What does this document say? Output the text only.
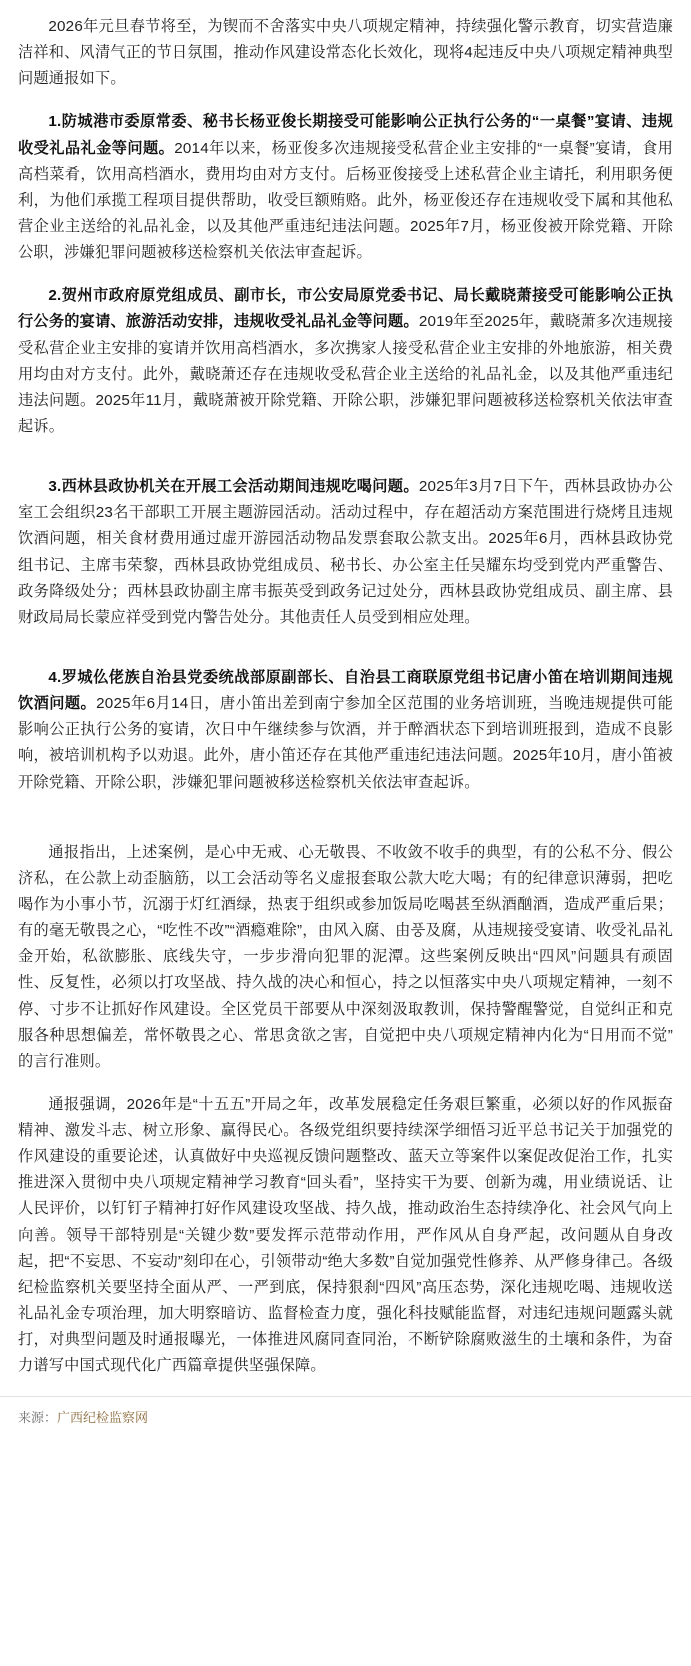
2026年元旦春节将至，为锲而不舍落实中央八项规定精神，持续强化警示教育，切实营造廉洁祥和、风清气正的节日氛围，推动作风建设常态化长效化，现将4起违反中央八项规定精神典型问题通报如下。

1.防城港市委原常委、秘书长杨亚俊长期接受可能影响公正执行公务的“一桌餐”宴请、违规收受礼品礼金等问题。2014年以来，杨亚俊多次违规接受私营企业主安排的“一桌餐”宴请，食用高档菜肴，饮用高档酒水，费用均由对方支付。后杨亚俊接受上述私营企业主请托，利用职务便利，为他们承揽工程项目提供帮助，收受巨额贿赂。此外，杨亚俊还存在违规收受下属和其他私营企业主送给的礼品礼金，以及其他严重违纪违法问题。2025年7月，杨亚俊被开除党籍、开除公职，涉嫌犯罪问题被移送检察机关依法审查起诉。

2.贺州市政府原党组成员、副市长，市公安局原党委书记、局长戴晓萧接受可能影响公正执行公务的宴请、旅游活动安排，违规收受礼品礼金等问题。2019年至2025年，戴晓萧多次违规接受私营企业主安排的宴请并饮用高档酒水，多次携家人接受私营企业主安排的外地旅游，相关费用均由对方支付。此外，戴晓萧还存在违规收受私营企业主送给的礼品礼金，以及其他严重违纪违法问题。2025年11月，戴晓萧被开除党籍、开除公职，涉嫌犯罪问题被移送检察机关依法审查起诉。

3.西林县政协机关在开展工会活动期间违规吃喝问题。2025年3月7日下午，西林县政协办公室工会组织23名干部职工开展主题游园活动。活动过程中，存在超活动方案范围进行烧烤且违规饮酒问题，相关食材费用通过虚开游园活动物品发票套取公款支出。2025年6月，西林县政协党组书记、主席韦荣黎，西林县政协党组成员、秘书长、办公室主任吴耀东均受到党内严重警告、政务降级处分；西林县政协副主席韦振英受到政务记过处分，西林县政协党组成员、副主席、县财政局局长蒙应祥受到党内警告处分。其他责任人员受到相应处理。

4.罗城仫佬族自治县党委统战部原副部长、自治县工商联原党组书记唐小笛在培训期间违规饮酒问题。2025年6月14日，唐小笛出差到南宁参加全区范围的业务培训班，当晚违规提供可能影响公正执行公务的宴请，次日中午继续参与饮酒，并于醉酒状态下到培训班报到，造成不良影响，被培训机构予以劝退。此外，唐小笛还存在其他严重违纪违法问题。2025年10月，唐小笛被开除党籍、开除公职，涉嫌犯罪问题被移送检察机关依法审查起诉。

通报指出，上述案例，是心中无戒、心无敬畏、不收敛不收手的典型，有的公私不分、假公济私，在公款上动歪脑筋，以工会活动等名义虚报套取公款大吃大喝；有的纪律意识薄弱，把吃喝作为小事小节，沉溺于灯红酒绿，热衷于组织或参加饭局吃喝甚至纵酒酗酒，造成严重后果；有的毫无敬畏之心，“吃性不改”“酒瘾难除”，由风入腐、由풍及腐，从违规接受宴请、收受礼品礼金开始，私欲膨胀、底线失守，一步步滑向犯罪的泥潭。这些案例反映出“四风”问题具有顽固性、反复性，必须以打攻坚战、持久战的决心和恒心，持之以恒落实中央八项规定精神，一刻不停、寸步不让抓好作风建设。全区党员干部要从中深刻汲取教训，保持警醒警觉，自觉纠正和克服各种思想偏差，常怀敬畏之心、常思贪欲之害，自觉把中央八项规定精神内化为“日用而不觉”的言行准则。

通报强调，2026年是“十五五”开局之年，改革发展稳定任务艰巨繁重，必须以好的作风振奋精神、激发斗志、树立形象、赢得民心。各级党组织要持续深学细悟习近平总书记关于加强党的作风建设的重要论述，认真做好中央巡视反馈问题整改、蓝天立等案件以案促改促治工作，扎实推进深入贯彻中央八项规定精神学习教育“回头看”，坚持实干为要、创新为魂，用业绩说话、让人民评价，以钉钉子精神打好作风建设攻坚战、持久战，推动政治生态持续净化、社会风气向上向善。领导干部特别是“关键少数”要发挥示范带动作用，严作风从自身严起，改问题从自身改起，把“不妄思、不妄动”刻印在心，引领带动“绝大多数”自觉加强党性修养、从严修身律己。各级纪检监察机关要坚持全面从严、一严到底，保持狠刹“四风”高压态势，深化违规吃喝、违规收送礼品礼金专项治理，加大明察暗访、监督检查力度，强化科技赋能监督，对违纪违规问题露头就打，对典型问题及时通报曝光，一体推进风腐同查同治，不断铲除腐败滋生的土壤和条件，为奋力谱写中国式现代化广西篇章提供坚强保障。

来源：广西纪检监察网
